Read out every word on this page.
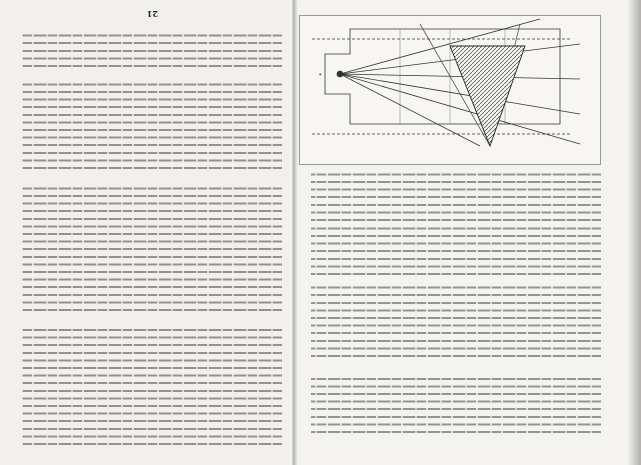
•
21
